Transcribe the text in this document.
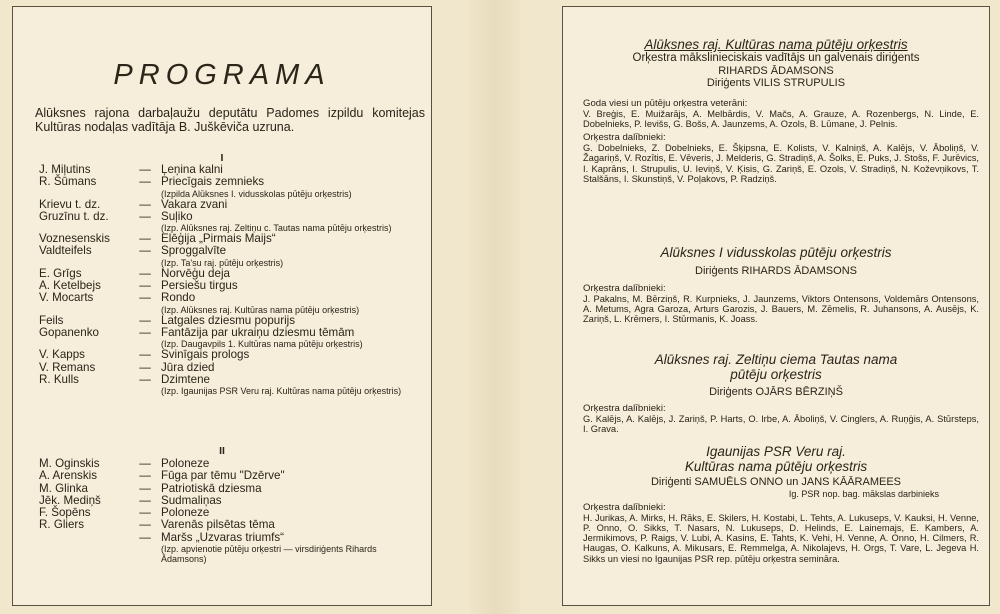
PROGRAMA
Alūksnes rajona darbaļaužu deputātu Padomes izpildu komitejas Kultūras nodaļas vadītāja B. Juškēviča uzruna.
I
J. Miļutins	— Ļeņina kalni
R. Šūmans	— Priecīgais zemnieks
(Izpilda Alūksnes I. vidusskolas pūtēju orķestris)
Krievu t. dz.	— Vakara zvani
Gruzīnu t. dz.	— Suļiko
(Izp. Alūksnes raj. Zeltiņu c. Tautas nama pūtēju orķestris)
Voznesenskis	— Elēģija „Pirmais Maijs“
Valdteifels	— Sproggalvīte
(Izp. Ta'su raj. pūtēju orķestris)
E. Grīgs	— Norvēģu deja
A. Ketelbejs	— Persiešu tirgus
V. Mocarts	— Rondo
(Izp. Alūksnes raj. Kultūras nama pūtēju orķestris)
Feils	— Latgales dziesmu popurijs
Gopanenko	— Fantāzija par ukraiņu dziesmu tēmām
(Izp. Daugavpils 1. Kultūras nama pūtēju orķestris)
V. Kapps	— Svinīgais prologs
V. Remans	— Jūra dzied
R. Kulls	— Dzimtene
(Izp. Igaunijas PSR Veru raj. Kultūras nama pūtēju orķestris)
II
M. Oginskis	— Poloneze
A. Arenskis	— Fūga par tēmu "Dzērve"
M. Glinka	— Patriotiskā dziesma
Jēk. Mediņš	— Sudmaliņas
F. Šopēns	— Poloneze
R. Gliers	— Varenās pilsētas tēma
— Maršs „Uzvaras triumfs“
(Izp. apvienotie pūtēju orķestri — virsdiriģents Rihards Ādamsons)
Alūksnes raj. Kultūras nama pūtēju orķestris
Orķestra mākslinieciskais vadītājs un galvenais diriģents
RIHARDS ĀDAMSONS
Diriģents VILIS STRUPULIS
Goda viesi un pūtēju orķestra veterāni:
V. Breģis, E. Muižarājs, A. Melbārdis, V. Mačs, A. Grauze, A. Rozenbergs, N. Linde, E. Dobelnieks, P. Ievišs, G. Bošs, A. Jaunzems, A. Ozols, B. Lūmane, J. Pelnis.
Orķestra dalībnieki:
G. Dobelnieks, Z. Dobelnieks, E. Šķipsna, E. Kolists, V. Kalniņš, A. Kalējs, V. Āboliņš, V. Žagariņš, V. Rozītis, E. Vēveris, J. Melderis, G. Stradiņš, A. Šolks, E. Puks, J. Stošs, F. Jurēvics, I. Kaprāns, I. Strupulis, U. Ieviņš, V. Ķisis, G. Zariņš, E. Ozols, V. Stradiņš, N. Koževņikovs, T. Stalšāns, I. Skunstiņš, V. Poļakovs, P. Radziņš.
Alūksnes I vidusskolas pūtēju orķestris
Diriģents RIHARDS ĀDAMSONS
Orķestra dalībnieki:
J. Pakalns, M. Bērziņš, R. Kurpnieks, J. Jaunzems, Viktors Ontensons, Voldemārs Ontensons, A. Metums, Agra Garoza, Arturs Garozis, J. Bauers, M. Zēmelis, R. Juhansons, A. Ausējs, K. Zariņš, L. Krēmers, I. Stūrmanis, K. Joass.
Alūksnes raj. Zeltiņu ciema Tautas nama
pūtēju orķestris
Diriģents OJĀRS BĒRZIŅŠ
Orķestra dalībnieki:
G. Kalējs, A. Kalējs, J. Zariņš, P. Harts, O. Irbe, A. Āboliņš, V. Cinglers, A. Ruņģis, A. Stūrsteps, I. Grava.
Igaunijas PSR Veru raj.
Kultūras nama pūtēju orķestris
Diriģenti SAMUĒLS ONNO un JANS KĀĀRAMEES
Ig. PSR nop. bag. mākslas darbinieks
Orķestra dalībnieki:
H. Jurikas, A. Mirks, H. Rāks, E. Skilers, H. Kostabi, L. Tehts, A. Lukuseps, V. Kauksi, H. Venne, P. Onno, O. Sikks, T. Nasars, N. Lukuseps, D. Helinds, E. Lainemajs, E. Kambers, A. Jermikimovs, P. Raigs, V. Lubi, A. Kasins, E. Tahts, K. Vehi, H. Venne, A. Onno, H. Cilmers, R. Haugas, O. Kalkuns, A. Mikusars, E. Remmelga, A. Nikolajevs, H. Orgs, T. Vare, L. Jegeva H. Sikks un viesi no Igaunijas PSR rep. pūtēju orķestra semināra.
